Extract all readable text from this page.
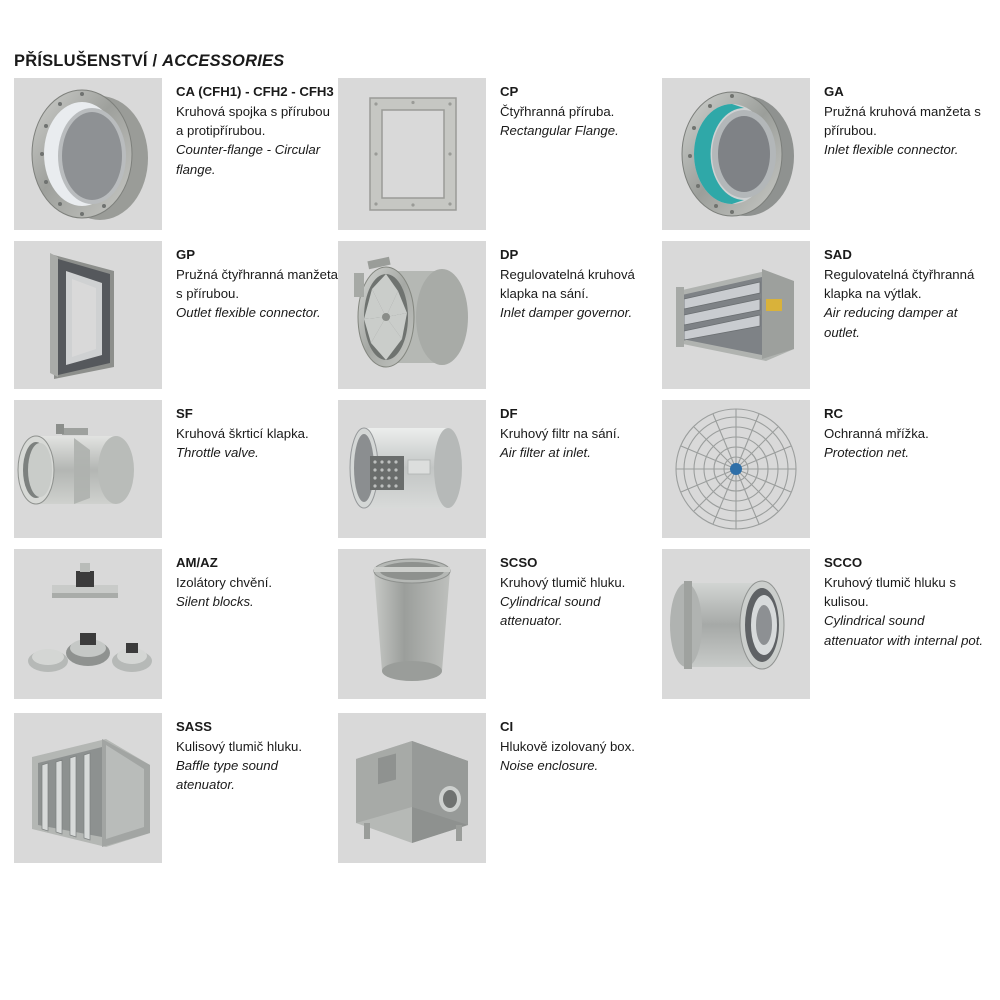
PŘÍSLUŠENSTVÍ / ACCESSORIES
CA (CFH1) - CFH2 - CFH3
Kruhová spojka s přírubou a protipřírubou.
Counter-flange - Circular flange.
CP
Čtyřhranná příruba.
Rectangular Flange.
GA
Pružná kruhová manžeta s přírubou.
Inlet flexible connector.
GP
Pružná čtyřhranná manžeta s přírubou.
Outlet flexible connector.
DP
Regulovatelná kruhová klapka na sání.
Inlet damper governor.
SAD
Regulovatelná čtyřhranná klapka na výtlak.
Air reducing damper at outlet.
SF
Kruhová škrticí klapka.
Throttle valve.
DF
Kruhový filtr na sání.
Air filter at inlet.
RC
Ochranná mřížka.
Protection net.
AM/AZ
Izolátory chvění.
Silent blocks.
SCSO
Kruhový tlumič hluku.
Cylindrical sound attenuator.
SCCO
Kruhový tlumič hluku s kulisou.
Cylindrical sound attenuator with internal pot.
SASS
Kulisový tlumič hluku.
Baffle type sound atenuator.
CI
Hlukově izolovaný box.
Noise enclosure.
